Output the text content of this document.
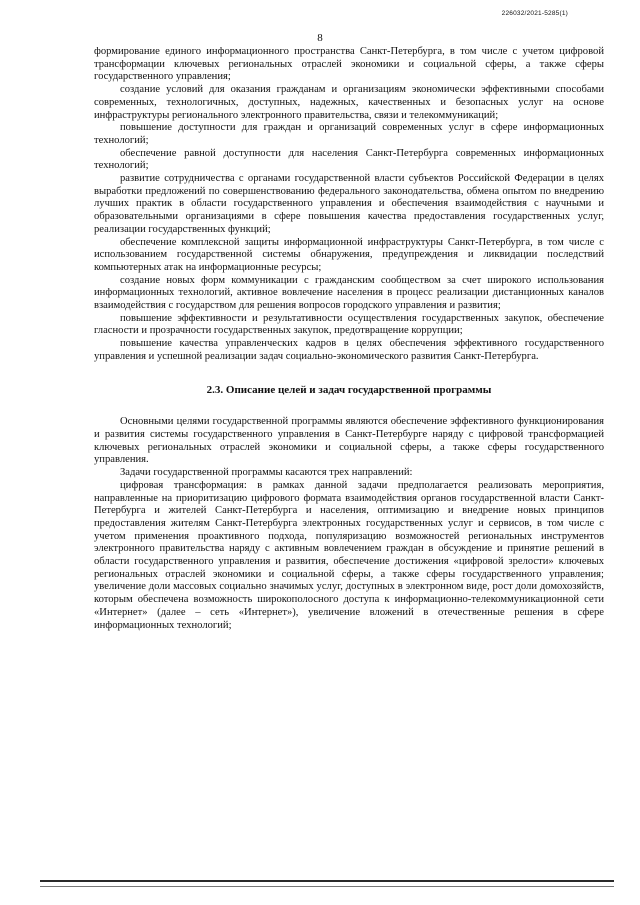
226032/2021-5285(1)
8

формирование единого информационного пространства Санкт-Петербурга, в том числе с учетом цифровой трансформации ключевых региональных отраслей экономики и социальной сферы, а также сферы государственного управления;

создание условий для оказания гражданам и организациям экономически эффективными способами современных, технологичных, доступных, надежных, качественных и безопасных услуг на основе инфраструктуры регионального электронного правительства, связи и телекоммуникаций;

повышение доступности для граждан и организаций современных услуг в сфере информационных технологий;

обеспечение равной доступности для населения Санкт-Петербурга современных информационных технологий;

развитие сотрудничества с органами государственной власти субъектов Российской Федерации в целях выработки предложений по совершенствованию федерального законодательства, обмена опытом по внедрению лучших практик в области государственного управления и обеспечения взаимодействия с научными и образовательными организациями в сфере повышения качества предоставления государственных услуг, реализации государственных функций;

обеспечение комплексной защиты информационной инфраструктуры Санкт-Петербурга, в том числе с использованием государственной системы обнаружения, предупреждения и ликвидации последствий компьютерных атак на информационные ресурсы;

создание новых форм коммуникации с гражданским сообществом за счет широкого использования информационных технологий, активное вовлечение населения в процесс реализации дистанционных каналов взаимодействия с государством для решения вопросов городского управления и развития;

повышение эффективности и результативности осуществления государственных закупок, обеспечение гласности и прозрачности государственных закупок, предотвращение коррупции;

повышение качества управленческих кадров в целях обеспечения эффективного государственного управления и успешной реализации задач социально-экономического развития Санкт-Петербурга.

2.3. Описание целей и задач государственной программы

Основными целями государственной программы являются обеспечение эффективного функционирования и развития системы государственного управления в Санкт-Петербурге наряду с цифровой трансформацией ключевых региональных отраслей экономики и социальной сферы, а также сферы государственного управления.

Задачи государственной программы касаются трех направлений:

цифровая трансформация: в рамках данной задачи предполагается реализовать мероприятия, направленные на приоритизацию цифрового формата взаимодействия органов государственной власти Санкт-Петербурга и жителей Санкт-Петербурга и населения, оптимизацию и внедрение новых принципов предоставления жителям Санкт-Петербурга электронных государственных услуг и сервисов, в том числе с учетом применения проактивного подхода, популяризацию возможностей региональных инструментов электронного правительства наряду с активным вовлечением граждан в обсуждение и принятие решений в области государственного управления и развития, обеспечение достижения «цифровой зрелости» ключевых региональных отраслей экономики и социальной сферы, а также сферы государственного управления; увеличение доли массовых социально значимых услуг, доступных в электронном виде, рост доли домохозяйств, которым обеспечена возможность широкополосного доступа к информационно-телекоммуникационной сети «Интернет» (далее – сеть «Интернет»), увеличение вложений в отечественные решения в сфере информационных технологий;
